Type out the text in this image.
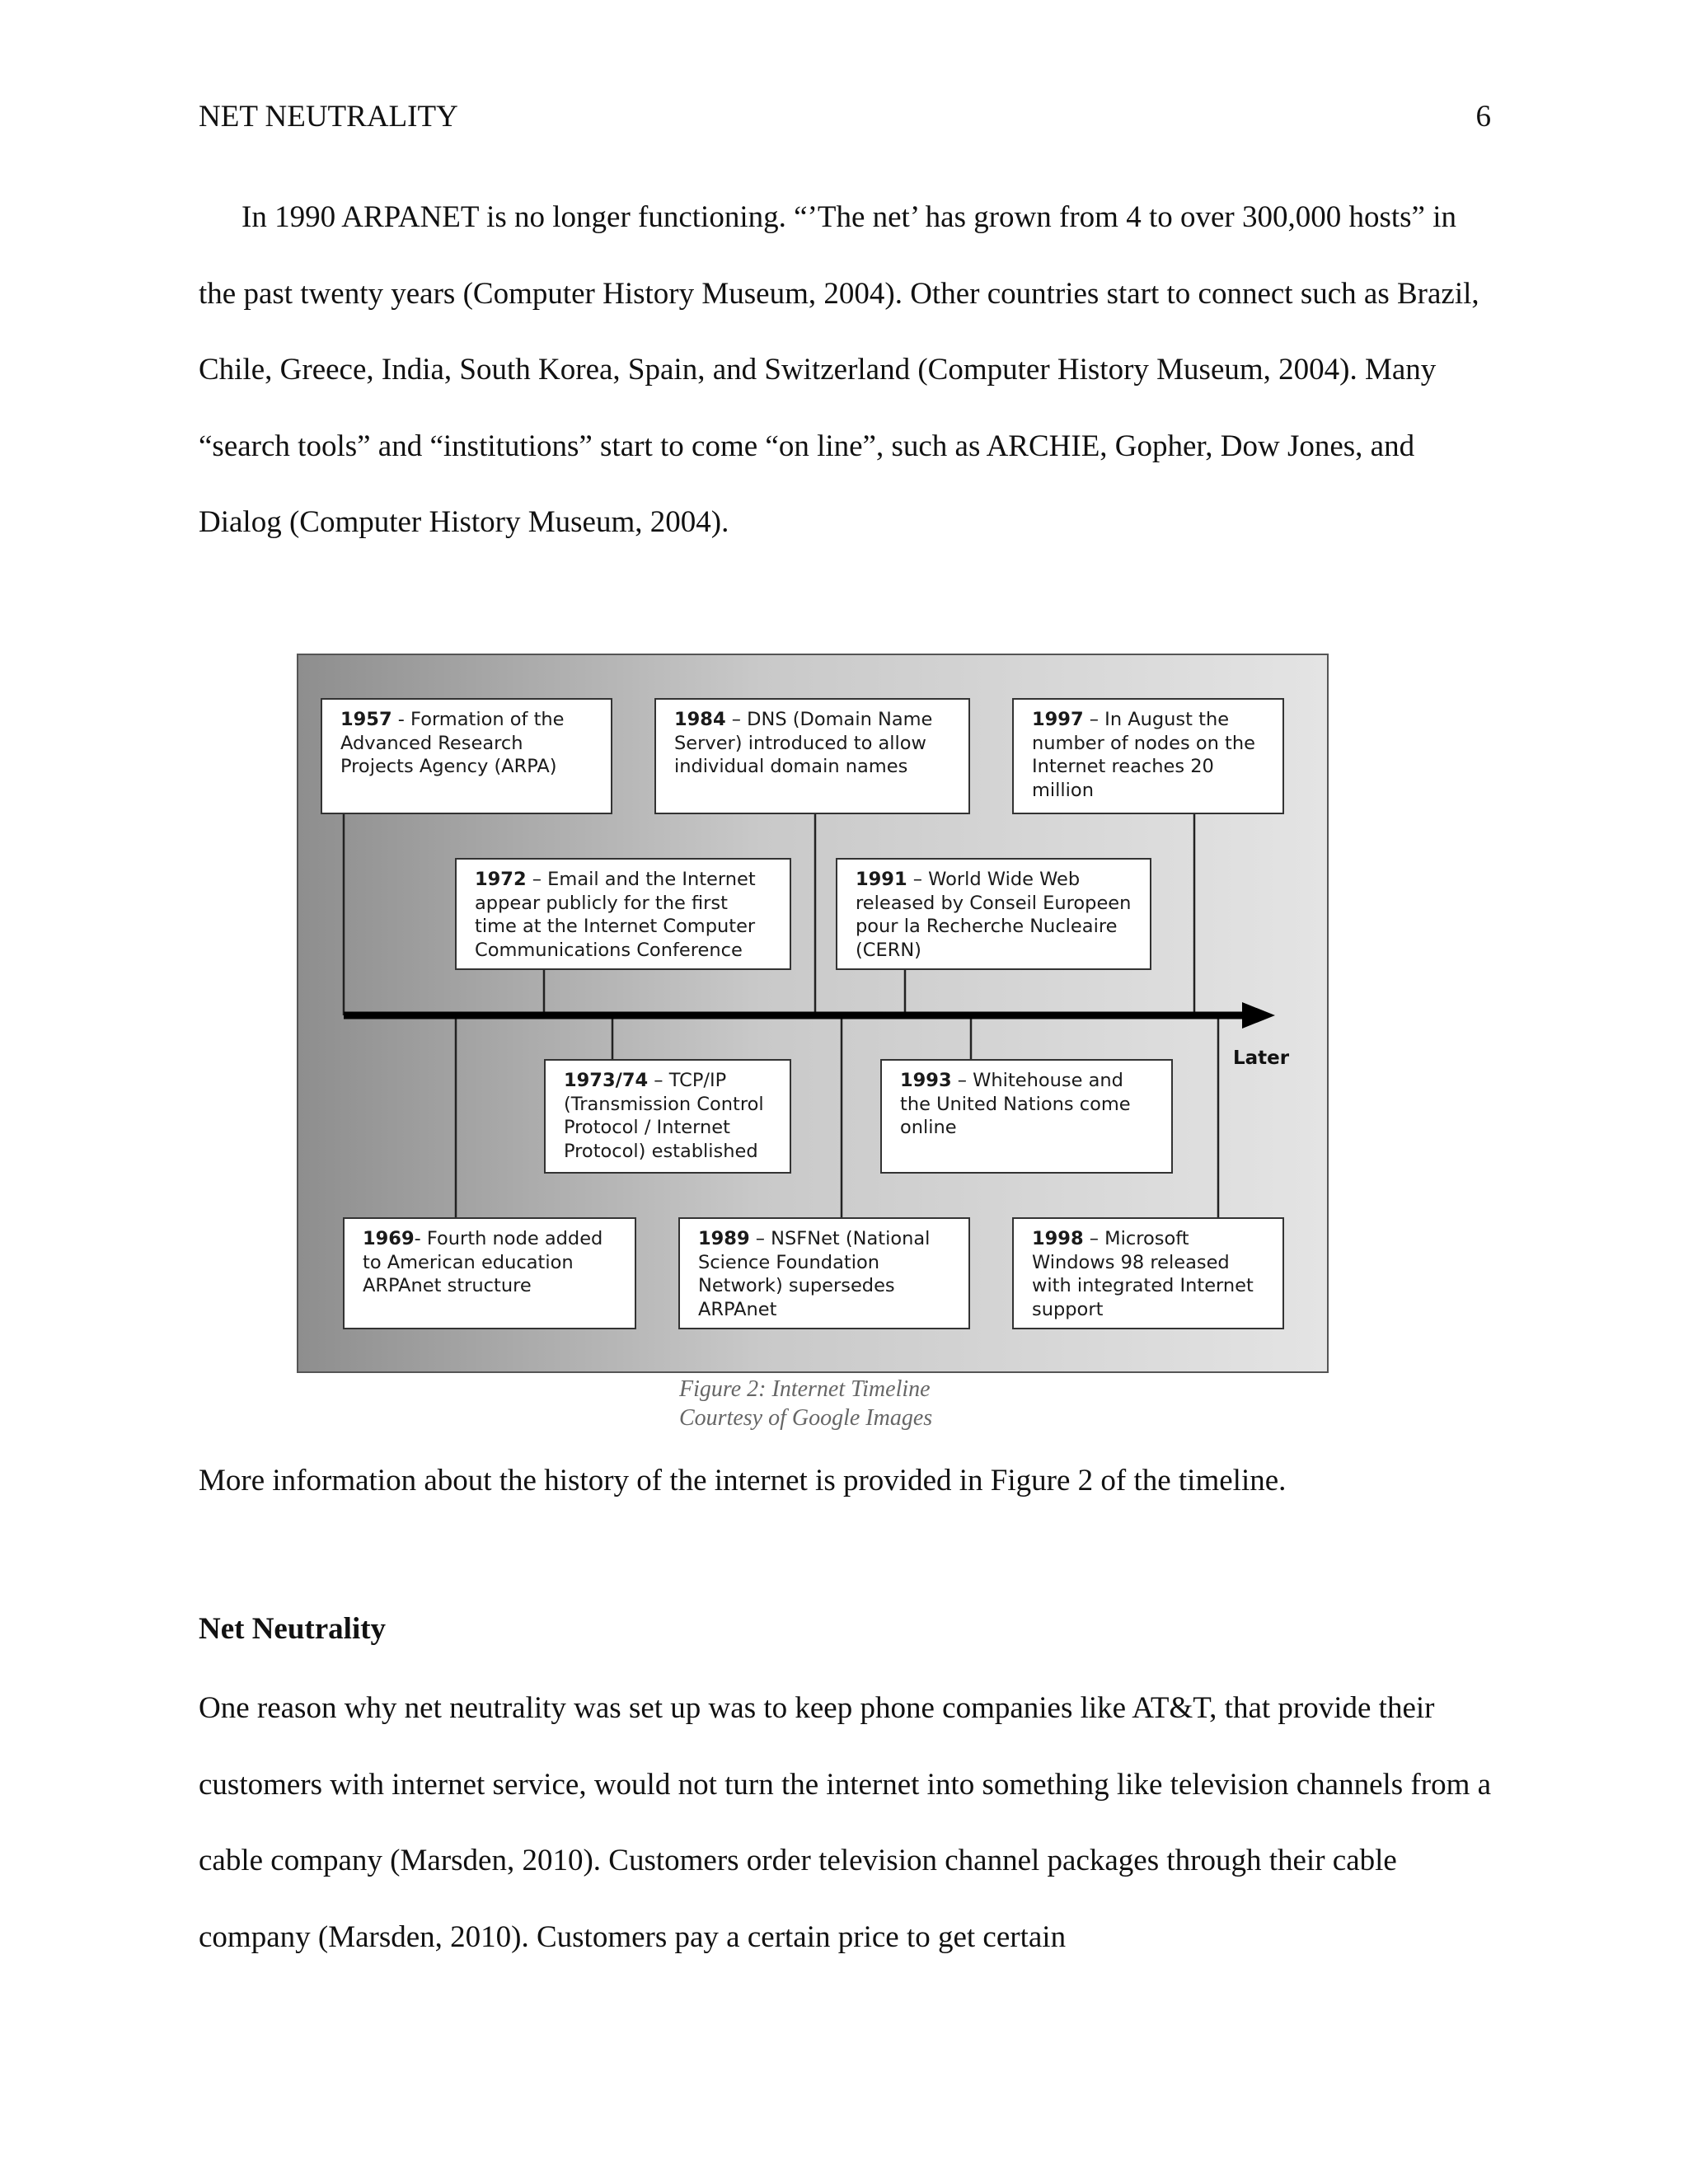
NET NEUTRALITY	6

In 1990 ARPANET is no longer functioning. “’The net’ has grown from 4 to over 300,000 hosts” in the past twenty years (Computer History Museum, 2004). Other countries start to connect such as Brazil, Chile, Greece, India, South Korea, Spain, and Switzerland (Computer History Museum, 2004). Many “search tools” and “institutions” start to come “on line”, such as ARCHIE, Gopher, Dow Jones, and Dialog (Computer History Museum, 2004).

1957 - Formation of the
Advanced Research
Projects Agency (ARPA)
1984 – DNS (Domain Name
Server) introduced to allow
individual domain names
1997 – In August the
number of nodes on the
Internet reaches 20
million
1972 – Email and the Internet
appear publicly for the first
time at the Internet Computer
Communications Conference
1991 – World Wide Web
released by Conseil Europeen
pour la Recherche Nucleaire
(CERN)
1973/74 – TCP/IP
(Transmission Control
Protocol / Internet
Protocol) established
1993 – Whitehouse and
the United Nations come
online
Later
1969- Fourth node added
to American education
ARPAnet structure
1989 – NSFNet (National
Science Foundation
Network) supersedes
ARPAnet
1998 – Microsoft
Windows 98 released
with integrated Internet
support
Figure 2: Internet Timeline
Courtesy of Google Images

More information about the history of the internet is provided in Figure 2 of the timeline.

Net Neutrality

One reason why net neutrality was set up was to keep phone companies like AT&T, that provide their customers with internet service, would not turn the internet into something like television channels from a cable company (Marsden, 2010). Customers order television channel packages through their cable company (Marsden, 2010). Customers pay a certain price to get certain
